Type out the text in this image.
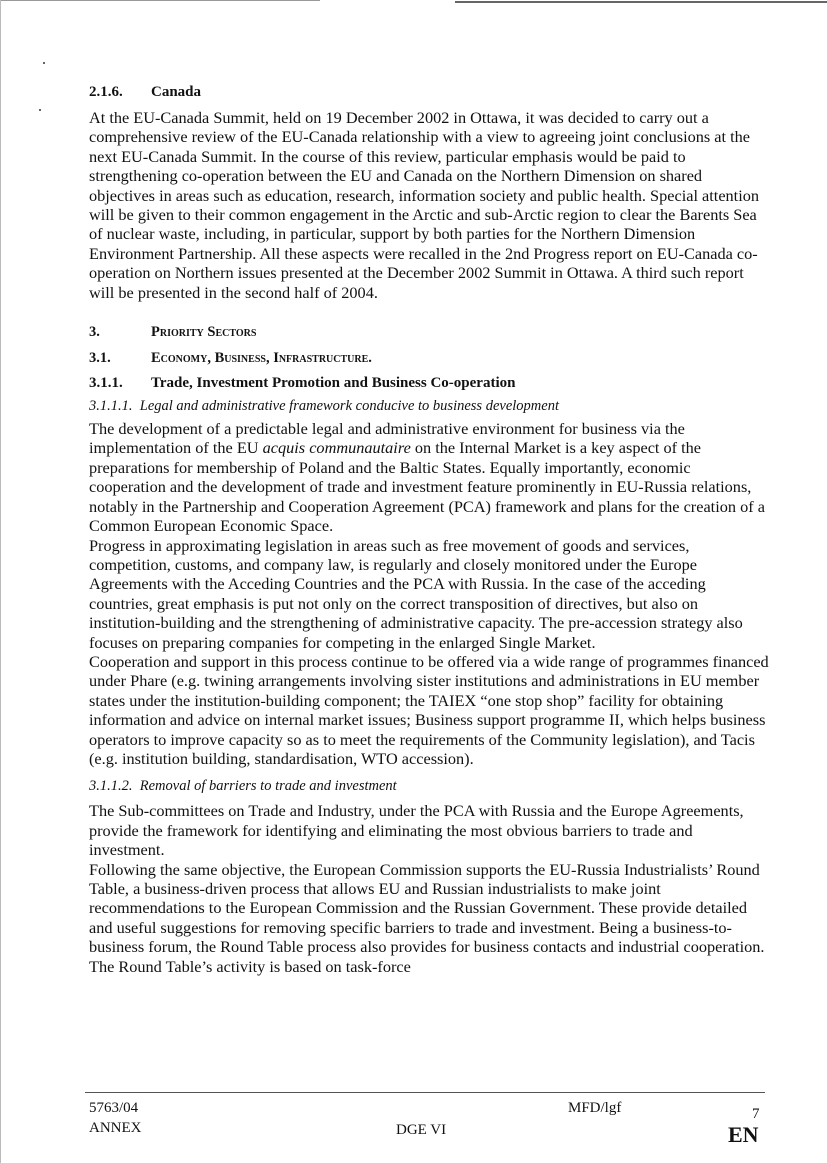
2.1.6. Canada

At the EU-Canada Summit, held on 19 December 2002 in Ottawa, it was decided to carry out a comprehensive review of the EU-Canada relationship with a view to agreeing joint conclusions at the next EU-Canada Summit. In the course of this review, particular emphasis would be paid to strengthening co-operation between the EU and Canada on the Northern Dimension on shared objectives in areas such as education, research, information society and public health. Special attention will be given to their common engagement in the Arctic and sub-Arctic region to clear the Barents Sea of nuclear waste, including, in particular, support by both parties for the Northern Dimension Environment Partnership. All these aspects were recalled in the 2nd Progress report on EU-Canada co-operation on Northern issues presented at the December 2002 Summit in Ottawa. A third such report will be presented in the second half of 2004.

3.	Priority Sectors
3.1.	Economy, Business, Infrastructure.
3.1.1. Trade, Investment Promotion and Business Co-operation
3.1.1.1.  Legal and administrative framework conducive to business development

The development of a predictable legal and administrative environment for business via the implementation of the EU acquis communautaire on the Internal Market is a key aspect of the preparations for membership of Poland and the Baltic States. Equally importantly, economic cooperation and the development of trade and investment feature prominently in EU-Russia relations, notably in the Partnership and Cooperation Agreement (PCA) framework and plans for the creation of a Common European Economic Space.

Progress in approximating legislation in areas such as free movement of goods and services, competition, customs, and company law, is regularly and closely monitored under the Europe Agreements with the Acceding Countries and the PCA with Russia. In the case of the acceding countries, great emphasis is put not only on the correct transposition of directives, but also on institution-building and the strengthening of administrative capacity. The pre-accession strategy also focuses on preparing companies for competing in the enlarged Single Market.

Cooperation and support in this process continue to be offered via a wide range of programmes financed under Phare (e.g. twining arrangements involving sister institutions and administrations in EU member states under the institution-building component; the TAIEX “one stop shop” facility for obtaining information and advice on internal market issues; Business support programme II, which helps business operators to improve capacity so as to meet the requirements of the Community legislation), and Tacis (e.g. institution building, standardisation, WTO accession).

3.1.1.2.  Removal of barriers to trade and investment

The Sub-committees on Trade and Industry, under the PCA with Russia and the Europe Agreements, provide the framework for identifying and eliminating the most obvious barriers to trade and investment.

Following the same objective, the European Commission supports the EU-Russia Industrialists’ Round Table, a business-driven process that allows EU and Russian industrialists to make joint recommendations to the European Commission and the Russian Government. These provide detailed and useful suggestions for removing specific barriers to trade and investment. Being a business-to-business forum, the Round Table process also provides for business contacts and industrial cooperation. The Round Table’s activity is based on task-force

5763/04
ANNEX	DGE VI
MFD/lgf	7
EN
